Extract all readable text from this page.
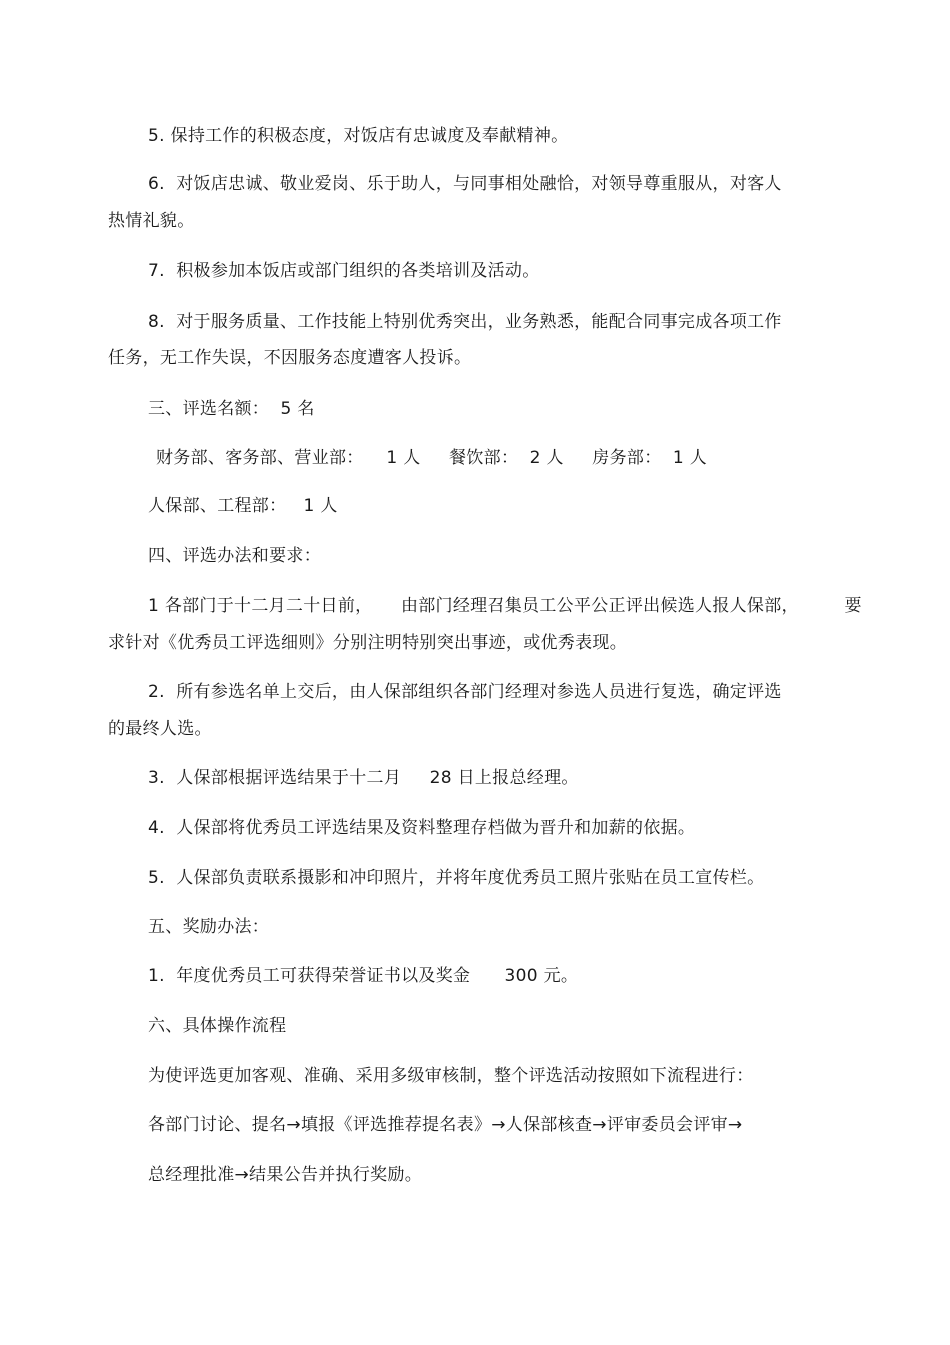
5. 保持工作的积极态度，对饭店有忠诚度及奉献精神。
6.  对饭店忠诚、敬业爱岗、乐于助人，与同事相处融恰，对领导尊重服从，对客人
热情礼貌。
7.  积极参加本饭店或部门组织的各类培训及活动。
8.  对于服务质量、工作技能上特别优秀突出，业务熟悉，能配合同事完成各项工作
任务，无工作失误，不因服务态度遭客人投诉。
三、评选名额：  5 名
财务部、客务部、营业部：    1 人     餐饮部：  2 人     房务部：  1 人
人保部、工程部：   1 人
四、评选办法和要求：
1 各部门于十二月二十日前，     由部门经理召集员工公平公正评出候选人报人保部，        要
求针对《优秀员工评选细则》分别注明特别突出事迹，或优秀表现。
2.  所有参选名单上交后，由人保部组织各部门经理对参选人员进行复选，确定评选
的最终人选。
3.  人保部根据评选结果于十二月     28 日上报总经理。
4.  人保部将优秀员工评选结果及资料整理存档做为晋升和加薪的依据。
5.  人保部负责联系摄影和冲印照片，并将年度优秀员工照片张贴在员工宣传栏。
五、奖励办法：
1.  年度优秀员工可获得荣誉证书以及奖金      300 元。
六、具体操作流程
为使评选更加客观、准确、采用多级审核制，整个评选活动按照如下流程进行：
各部门讨论、提名→填报《评选推荐提名表》→人保部核查→评审委员会评审→
总经理批准→结果公告并执行奖励。
